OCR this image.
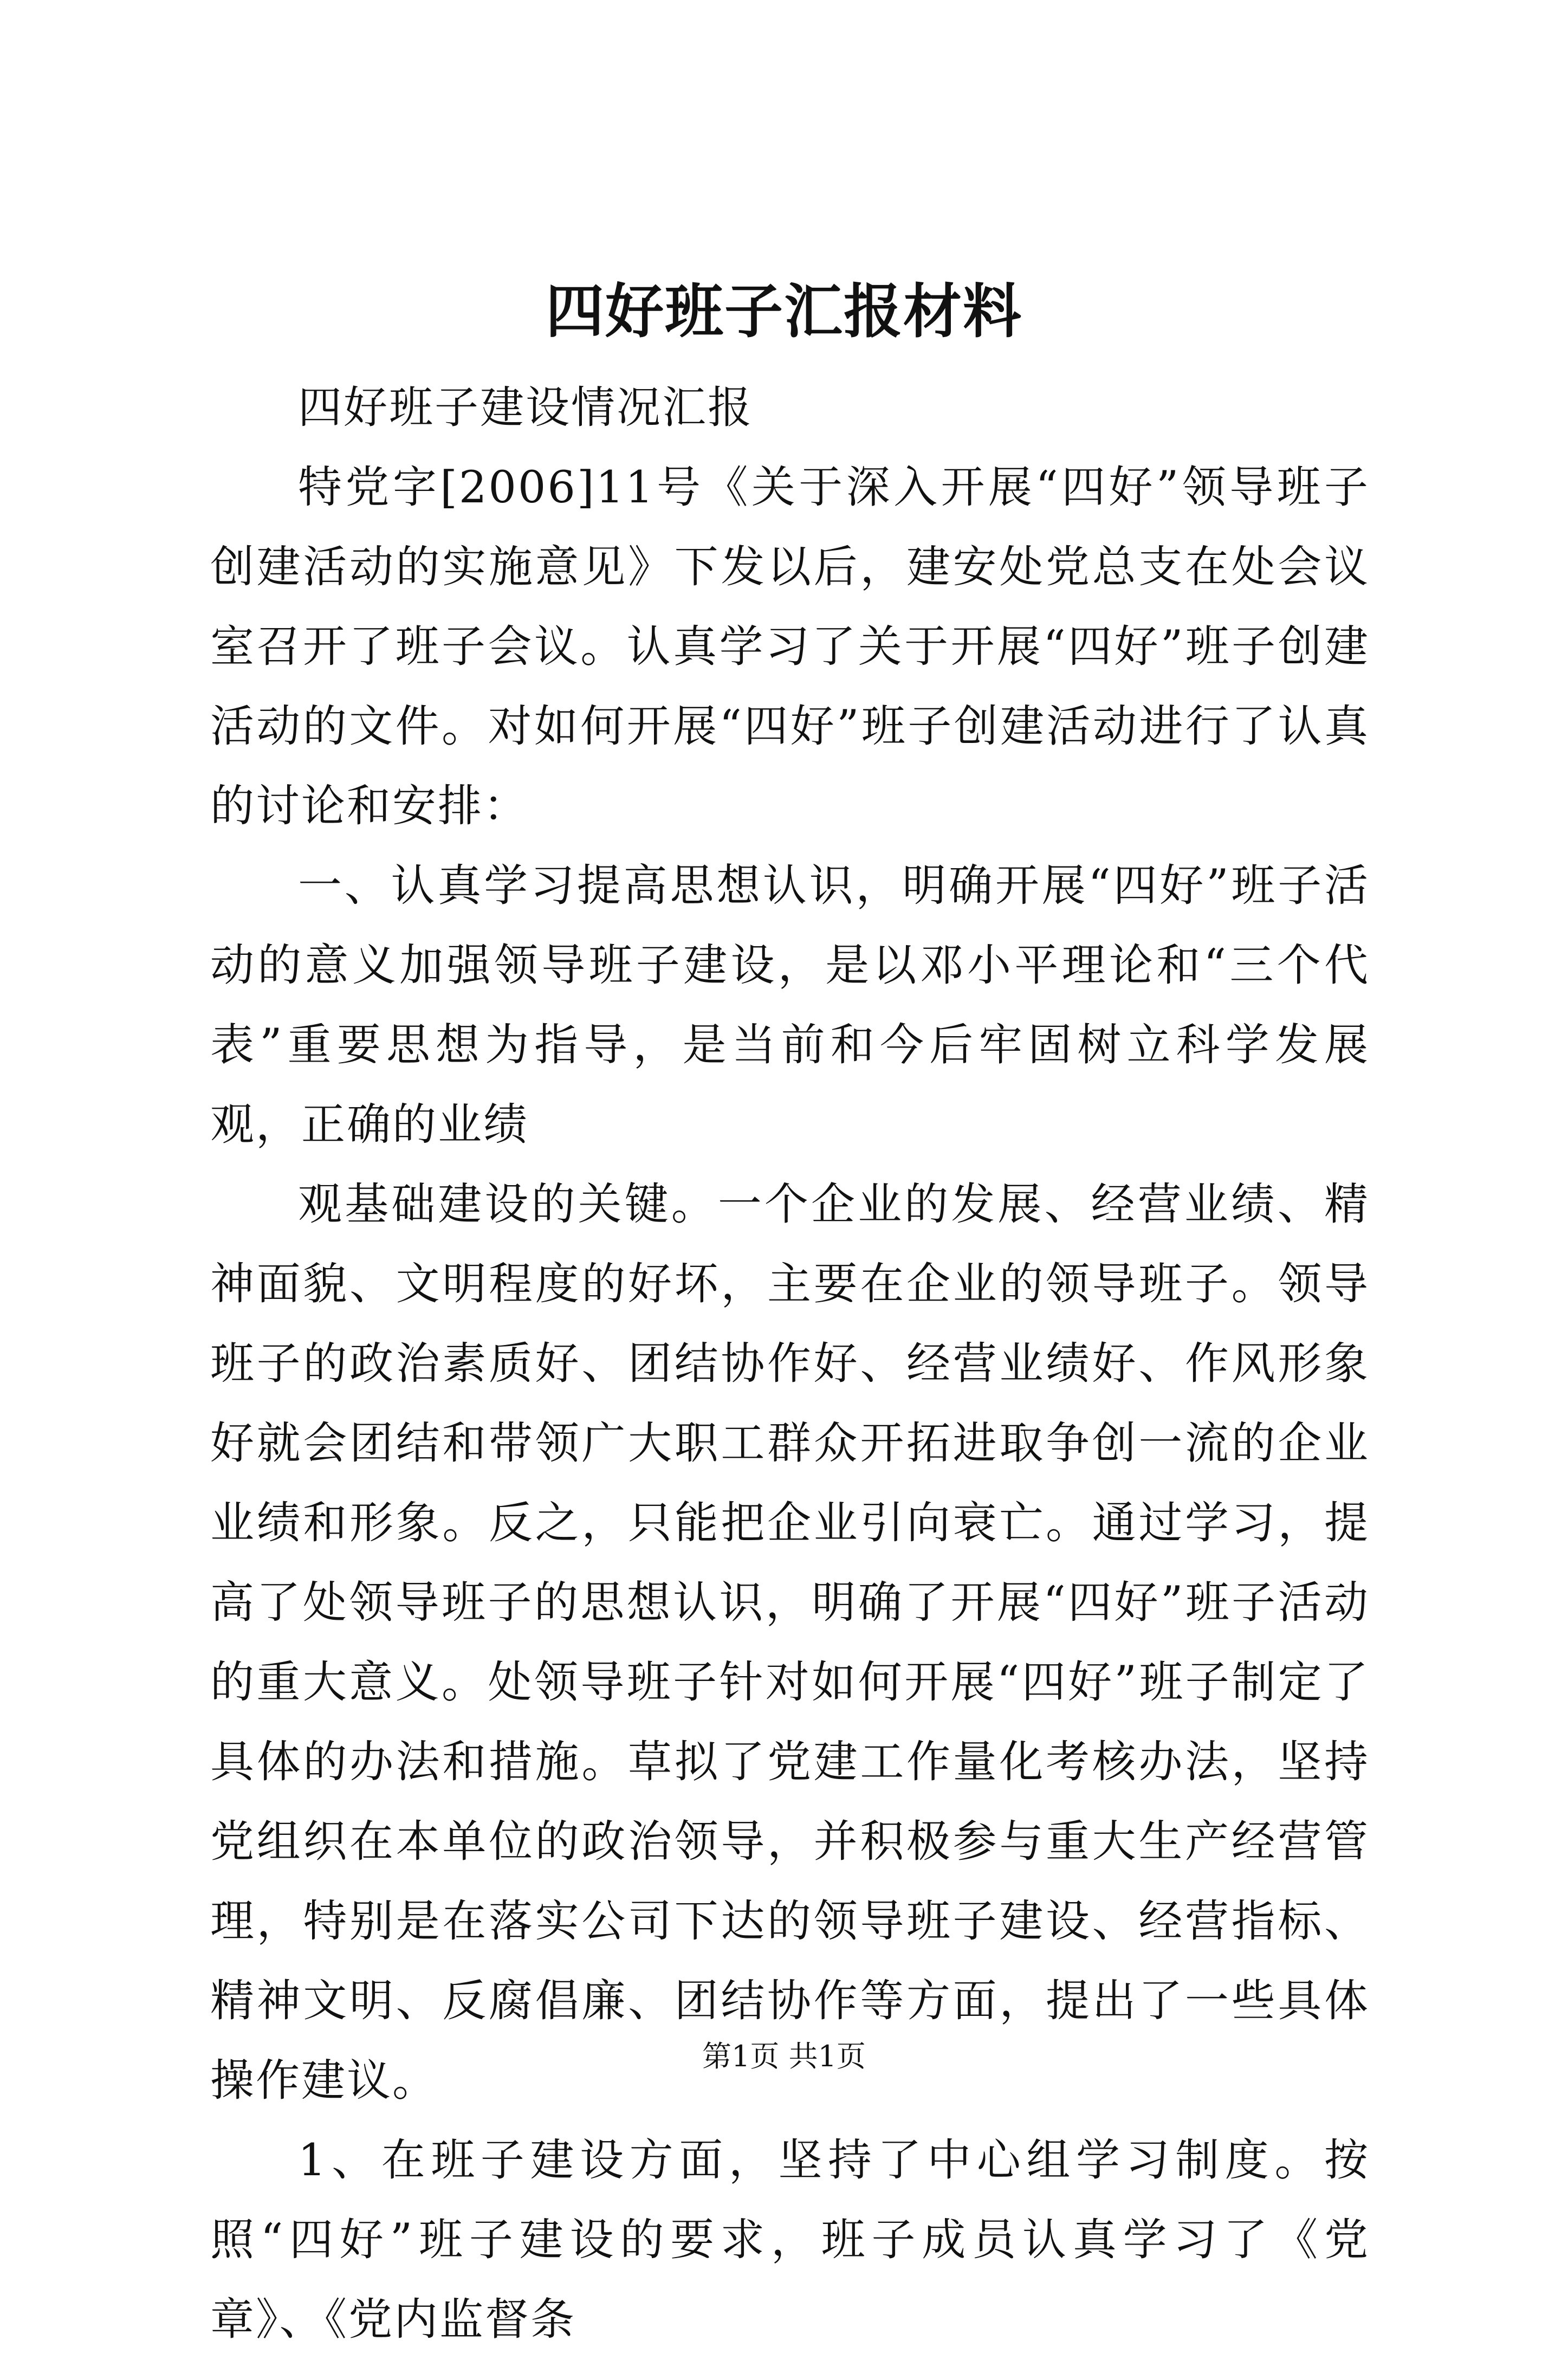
四好班子汇报材料

四好班子建设情况汇报

特党字[2006]11号《关于深入开展“四好”领导班子创建活动的实施意见》下发以后，建安处党总支在处会议室召开了班子会议。认真学习了关于开展“四好”班子创建活动的文件。对如何开展“四好”班子创建活动进行了认真的讨论和安排：

一、认真学习提高思想认识，明确开展“四好”班子活动的意义加强领导班子建设，是以邓小平理论和“三个代表”重要思想为指导，是当前和今后牢固树立科学发展观，正确的业绩

观基础建设的关键。一个企业的发展、经营业绩、精神面貌、文明程度的好坏，主要在企业的领导班子。领导班子的政治素质好、团结协作好、经营业绩好、作风形象好就会团结和带领广大职工群众开拓进取争创一流的企业业绩和形象。反之，只能把企业引向衰亡。通过学习，提高了处领导班子的思想认识，明确了开展“四好”班子活动的重大意义。处领导班子针对如何开展“四好”班子制定了具体的办法和措施。草拟了党建工作量化考核办法，坚持党组织在本单位的政治领导，并积极参与重大生产经营管理，特别是在落实公司下达的领导班子建设、经营指标、精神文明、反腐倡廉、团结协作等方面，提出了一些具体操作建议。

1、在班子建设方面，坚持了中心组学习制度。按照“四好”班子建设的要求，班子成员认真学习了《党章》、《党内监督条

第1页 共1页
